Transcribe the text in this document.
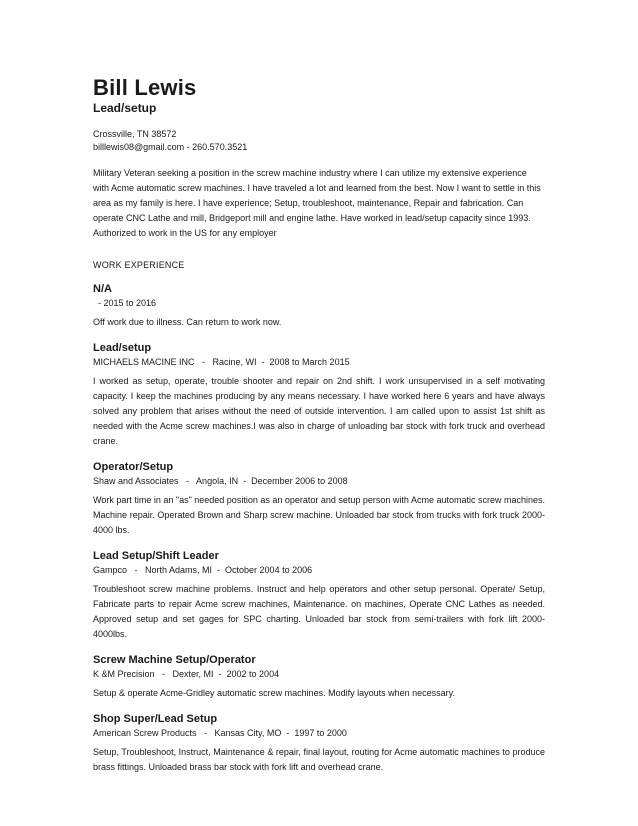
Bill Lewis
Lead/setup
Crossville, TN 38572
billlewis08@gmail.com - 260.570.3521

Military Veteran seeking a position in the screw machine industry where I can utilize my extensive experience with Acme automatic screw machines. I have traveled a lot and learned from the best. Now I want to settle in this area as my family is here. I have experience; Setup, troubleshoot, maintenance, Repair and fabrication. Can operate CNC Lathe and mill, Bridgeport mill and engine lathe. Have worked in lead/setup capacity since 1993. Authorized to work in the US for any employer

WORK EXPERIENCE
N/A
- 2015 to 2016

Off work due to illness. Can return to work now.

Lead/setup
MICHAELS MACINE INC   -   Racine, WI  -  2008 to March 2015

I worked as setup, operate, trouble shooter and repair on 2nd shift. I work unsupervised in a self motivating capacity. I keep the machines producing by any means necessary. I have worked here 6 years and have always solved any problem that arises without the need of outside intervention. I am called upon to assist 1st shift as needed with the Acme screw machines.I was also in charge of unloading bar stock with fork truck and overhead crane.

Operator/Setup
Shaw and Associates   -   Angola, IN  -  December 2006 to 2008

Work part time in an "as" needed position as an operator and setup person with Acme automatic screw machines. Machine repair. Operated Brown and Sharp screw machine. Unloaded bar stock from trucks with fork truck 2000-4000 lbs.

Lead Setup/Shift Leader
Gampco   -   North Adams, MI  -  October 2004 to 2006

Troubleshoot screw machine problems. Instruct and help operators and other setup personal. Operate/ Setup, Fabricate parts to repair Acme screw machines, Maintenance. on machines, Operate CNC Lathes as needed. Approved setup and set gages for SPC charting. Unloaded bar stock from semi-trailers with fork lift 2000-4000lbs.

Screw Machine Setup/Operator
K &M Precision   -   Dexter, MI  -  2002 to 2004

Setup & operate Acme-Gridley automatic screw machines. Modify layouts when necessary.

Shop Super/Lead Setup
American Screw Products   -   Kansas City, MO  -  1997 to 2000

Setup, Troubleshoot, Instruct, Maintenance & repair, final layout, routing for Acme automatic machines to produce brass fittings. Unloaded brass bar stock with fork lift and overhead crane.
